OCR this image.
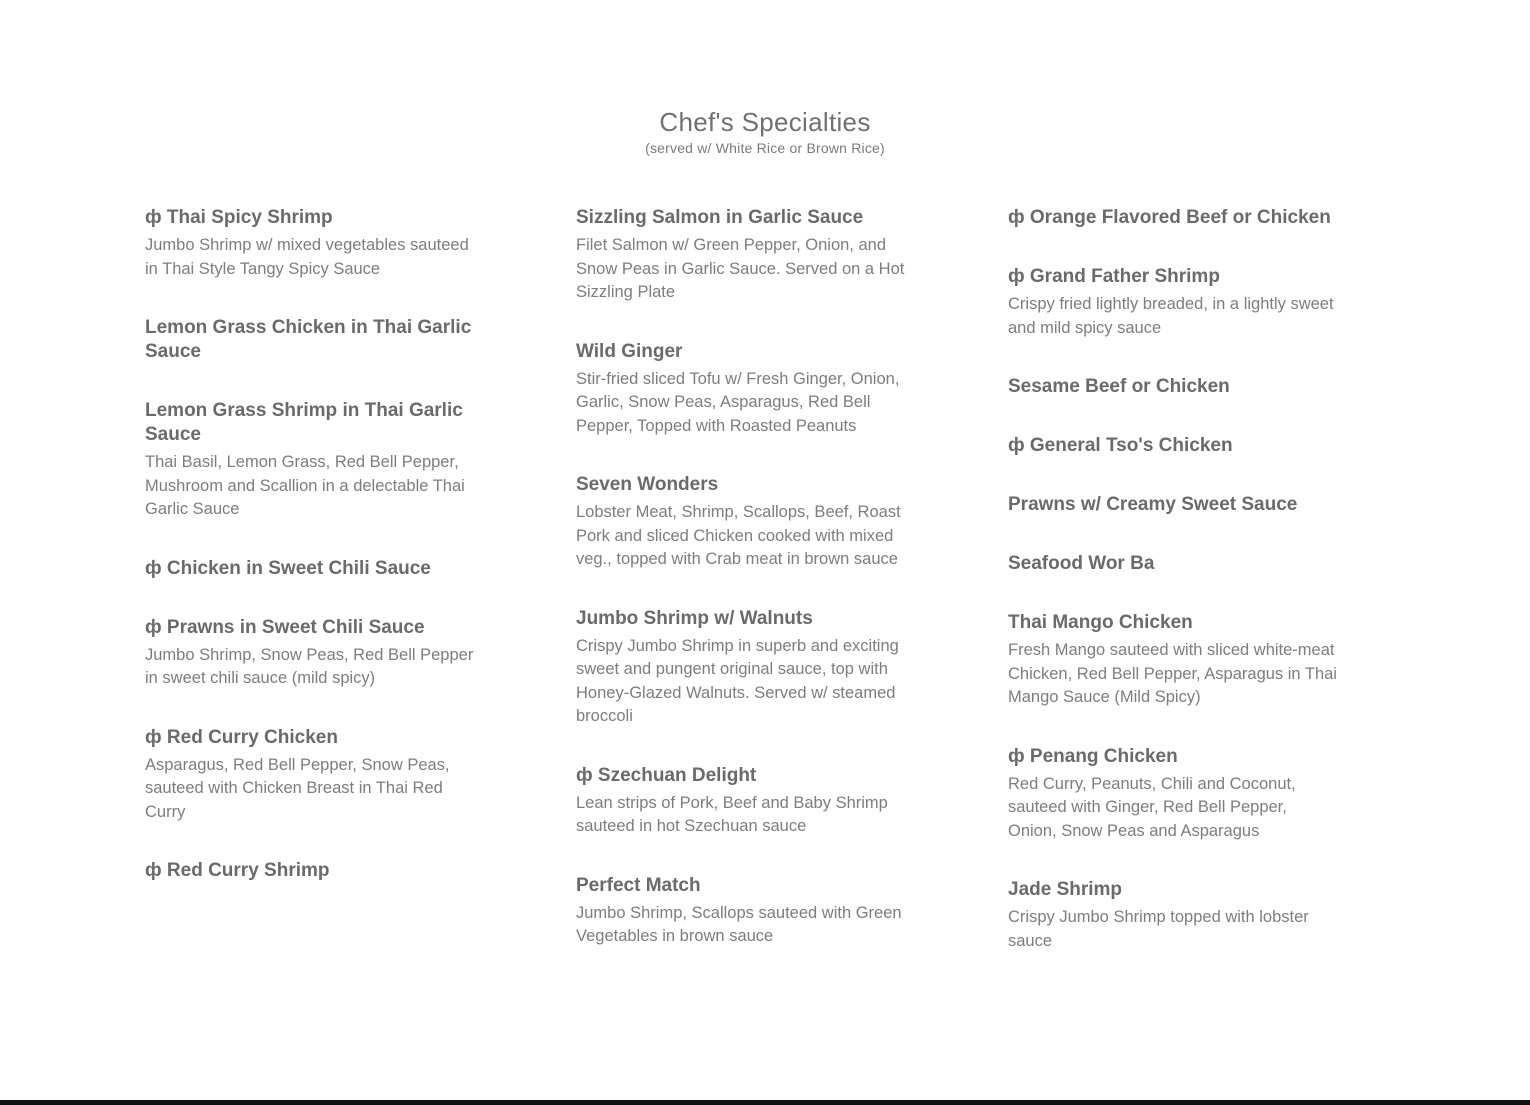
Chef's Specialties

(served w/ White Rice or Brown Rice)

ф Thai Spicy Shrimp
Jumbo Shrimp w/ mixed vegetables sauteed in Thai Style Tangy Spicy Sauce
Lemon Grass Chicken in Thai Garlic Sauce
Lemon Grass Shrimp in Thai Garlic Sauce
Thai Basil, Lemon Grass, Red Bell Pepper, Mushroom and Scallion in a delectable Thai Garlic Sauce
ф Chicken in Sweet Chili Sauce
ф Prawns in Sweet Chili Sauce
Jumbo Shrimp, Snow Peas, Red Bell Pepper in sweet chili sauce (mild spicy)
ф Red Curry Chicken
Asparagus, Red Bell Pepper, Snow Peas, sauteed with Chicken Breast in Thai Red Curry
ф Red Curry Shrimp
Sizzling Salmon in Garlic Sauce
Filet Salmon w/ Green Pepper, Onion, and Snow Peas in Garlic Sauce. Served on a Hot Sizzling Plate
Wild Ginger
Stir-fried sliced Tofu w/ Fresh Ginger, Onion, Garlic, Snow Peas, Asparagus, Red Bell Pepper, Topped with Roasted Peanuts
Seven Wonders
Lobster Meat, Shrimp, Scallops, Beef, Roast Pork and sliced Chicken cooked with mixed veg., topped with Crab meat in brown sauce
Jumbo Shrimp w/ Walnuts
Crispy Jumbo Shrimp in superb and exciting sweet and pungent original sauce, top with Honey-Glazed Walnuts. Served w/ steamed broccoli
ф Szechuan Delight
Lean strips of Pork, Beef and Baby Shrimp sauteed in hot Szechuan sauce
Perfect Match
Jumbo Shrimp, Scallops sauteed with Green Vegetables in brown sauce
ф Orange Flavored Beef or Chicken
ф Grand Father Shrimp
Crispy fried lightly breaded, in a lightly sweet and mild spicy sauce
Sesame Beef or Chicken
ф General Tso's Chicken
Prawns w/ Creamy Sweet Sauce
Seafood Wor Ba
Thai Mango Chicken
Fresh Mango sauteed with sliced white-meat Chicken, Red Bell Pepper, Asparagus in Thai Mango Sauce (Mild Spicy)
ф Penang Chicken
Red Curry, Peanuts, Chili and Coconut, sauteed with Ginger, Red Bell Pepper, Onion, Snow Peas and Asparagus
Jade Shrimp
Crispy Jumbo Shrimp topped with lobster sauce
